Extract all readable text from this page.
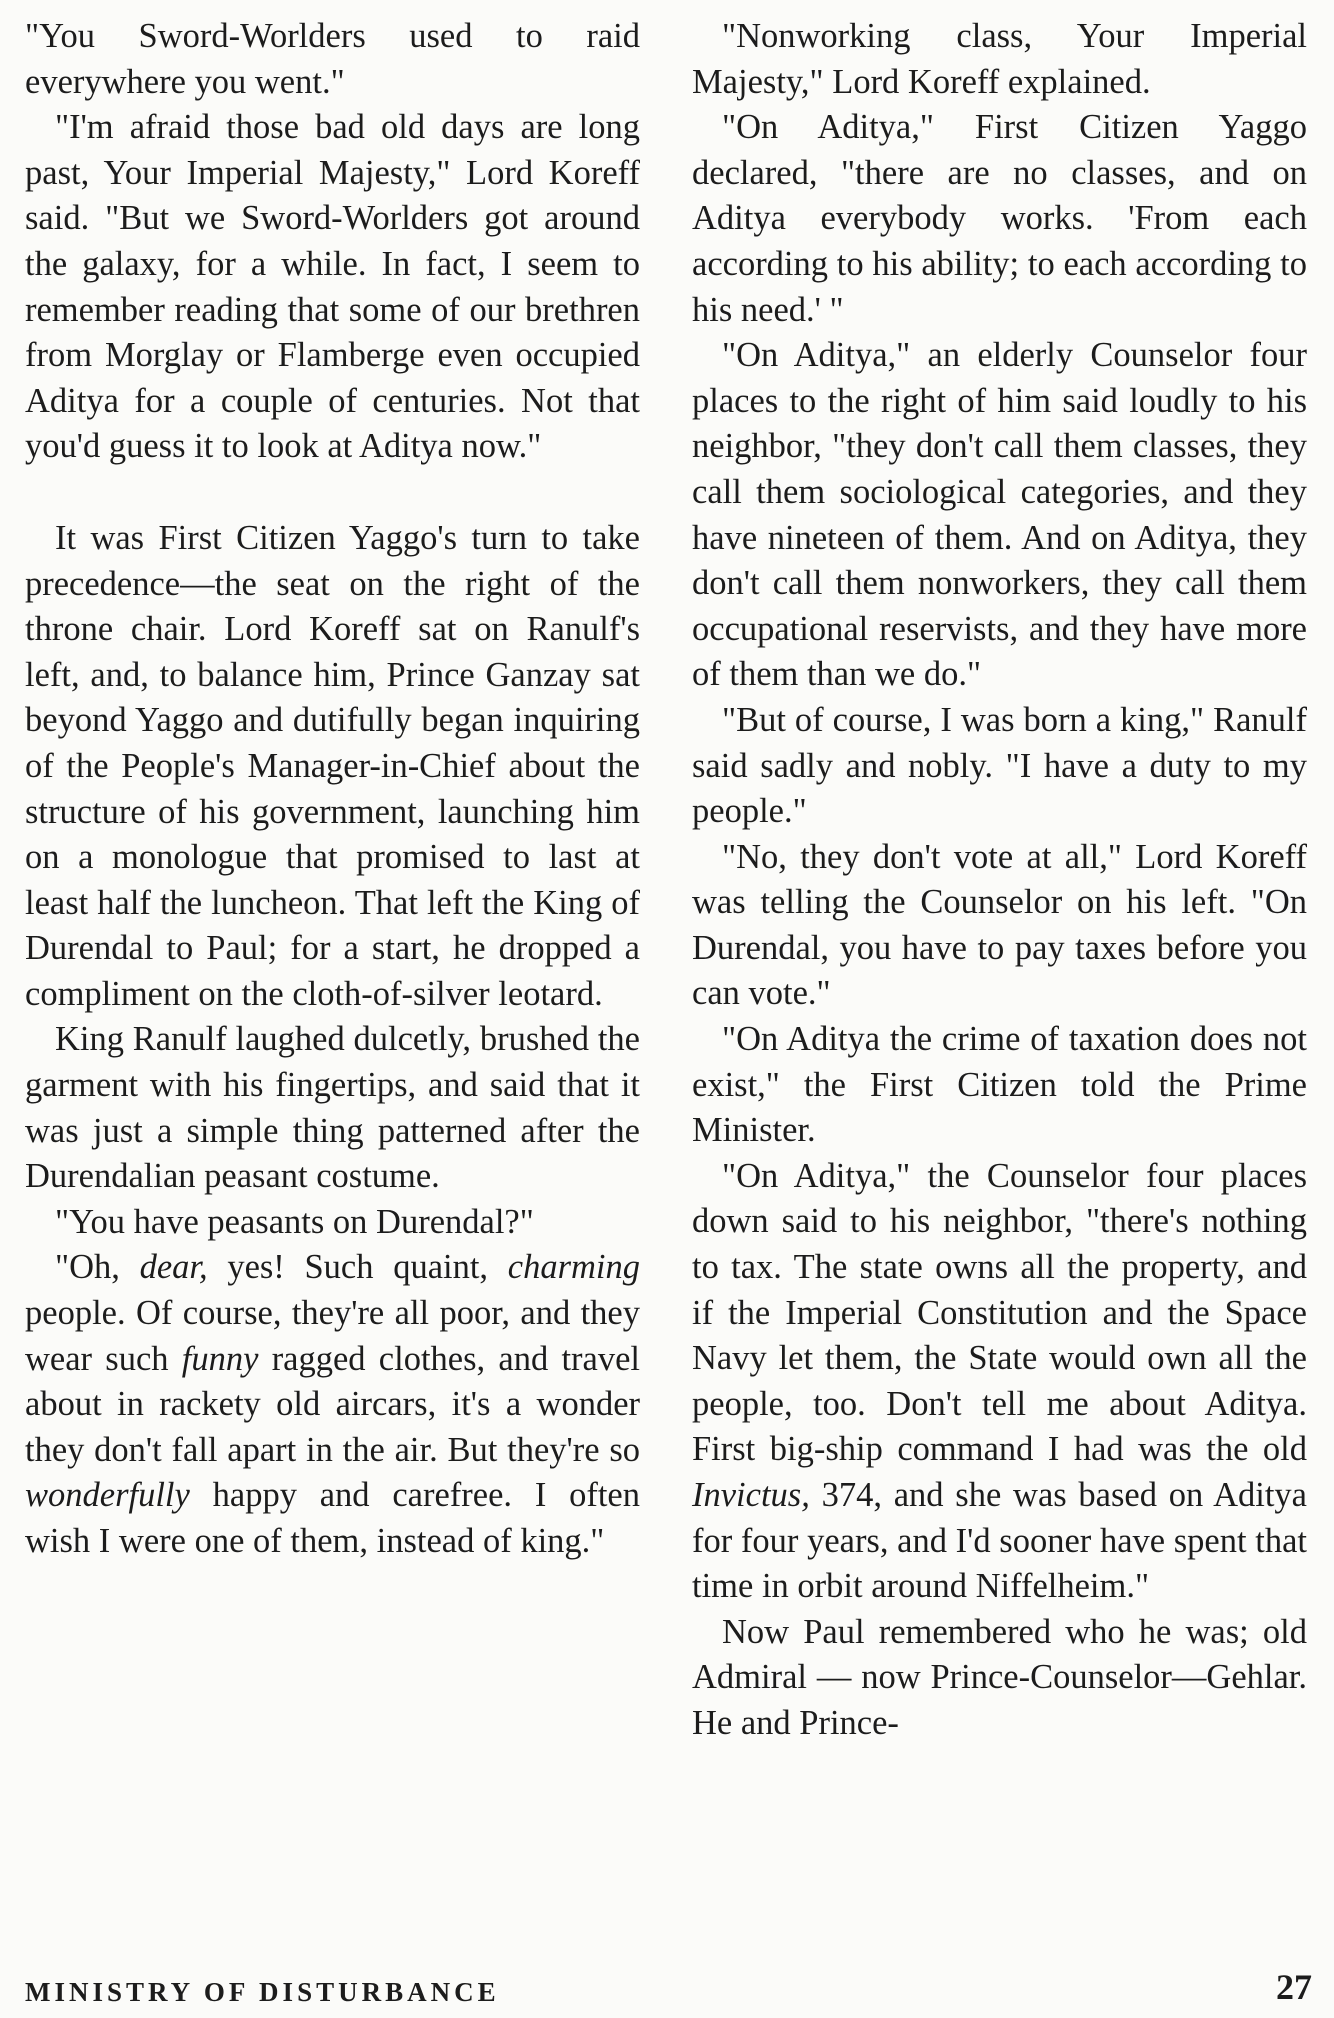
"You Sword-Worlders used to raid everywhere you went."

"I'm afraid those bad old days are long past, Your Imperial Majesty," Lord Koreff said. "But we Sword-Worlders got around the galaxy, for a while. In fact, I seem to remember reading that some of our brethren from Morglay or Flamberge even occupied Aditya for a couple of centuries. Not that you'd guess it to look at Aditya now."

It was First Citizen Yaggo's turn to take precedence—the seat on the right of the throne chair. Lord Koreff sat on Ranulf's left, and, to balance him, Prince Ganzay sat beyond Yaggo and dutifully began inquiring of the People's Manager-in-Chief about the structure of his government, launching him on a monologue that promised to last at least half the luncheon. That left the King of Durendal to Paul; for a start, he dropped a compliment on the cloth-of-silver leotard.

King Ranulf laughed dulcetly, brushed the garment with his fingertips, and said that it was just a simple thing patterned after the Durendalian peasant costume.

"You have peasants on Durendal?"

"Oh, dear, yes! Such quaint, charming people. Of course, they're all poor, and they wear such funny ragged clothes, and travel about in rackety old aircars, it's a wonder they don't fall apart in the air. But they're so wonderfully happy and carefree. I often wish I were one of them, instead of king."

"Nonworking class, Your Imperial Majesty," Lord Koreff explained.

"On Aditya," First Citizen Yaggo declared, "there are no classes, and on Aditya everybody works. 'From each according to his ability; to each according to his need.' "

"On Aditya," an elderly Counselor four places to the right of him said loudly to his neighbor, "they don't call them classes, they call them sociological categories, and they have nineteen of them. And on Aditya, they don't call them nonworkers, they call them occupational reservists, and they have more of them than we do."

"But of course, I was born a king," Ranulf said sadly and nobly. "I have a duty to my people."

"No, they don't vote at all," Lord Koreff was telling the Counselor on his left. "On Durendal, you have to pay taxes before you can vote."

"On Aditya the crime of taxation does not exist," the First Citizen told the Prime Minister.

"On Aditya," the Counselor four places down said to his neighbor, "there's nothing to tax. The state owns all the property, and if the Imperial Constitution and the Space Navy let them, the State would own all the people, too. Don't tell me about Aditya. First big-ship command I had was the old Invictus, 374, and she was based on Aditya for four years, and I'd sooner have spent that time in orbit around Niffelheim."

Now Paul remembered who he was; old Admiral — now Prince-Counselor—Gehlar. He and Prince-

MINISTRY OF DISTURBANCE	27
